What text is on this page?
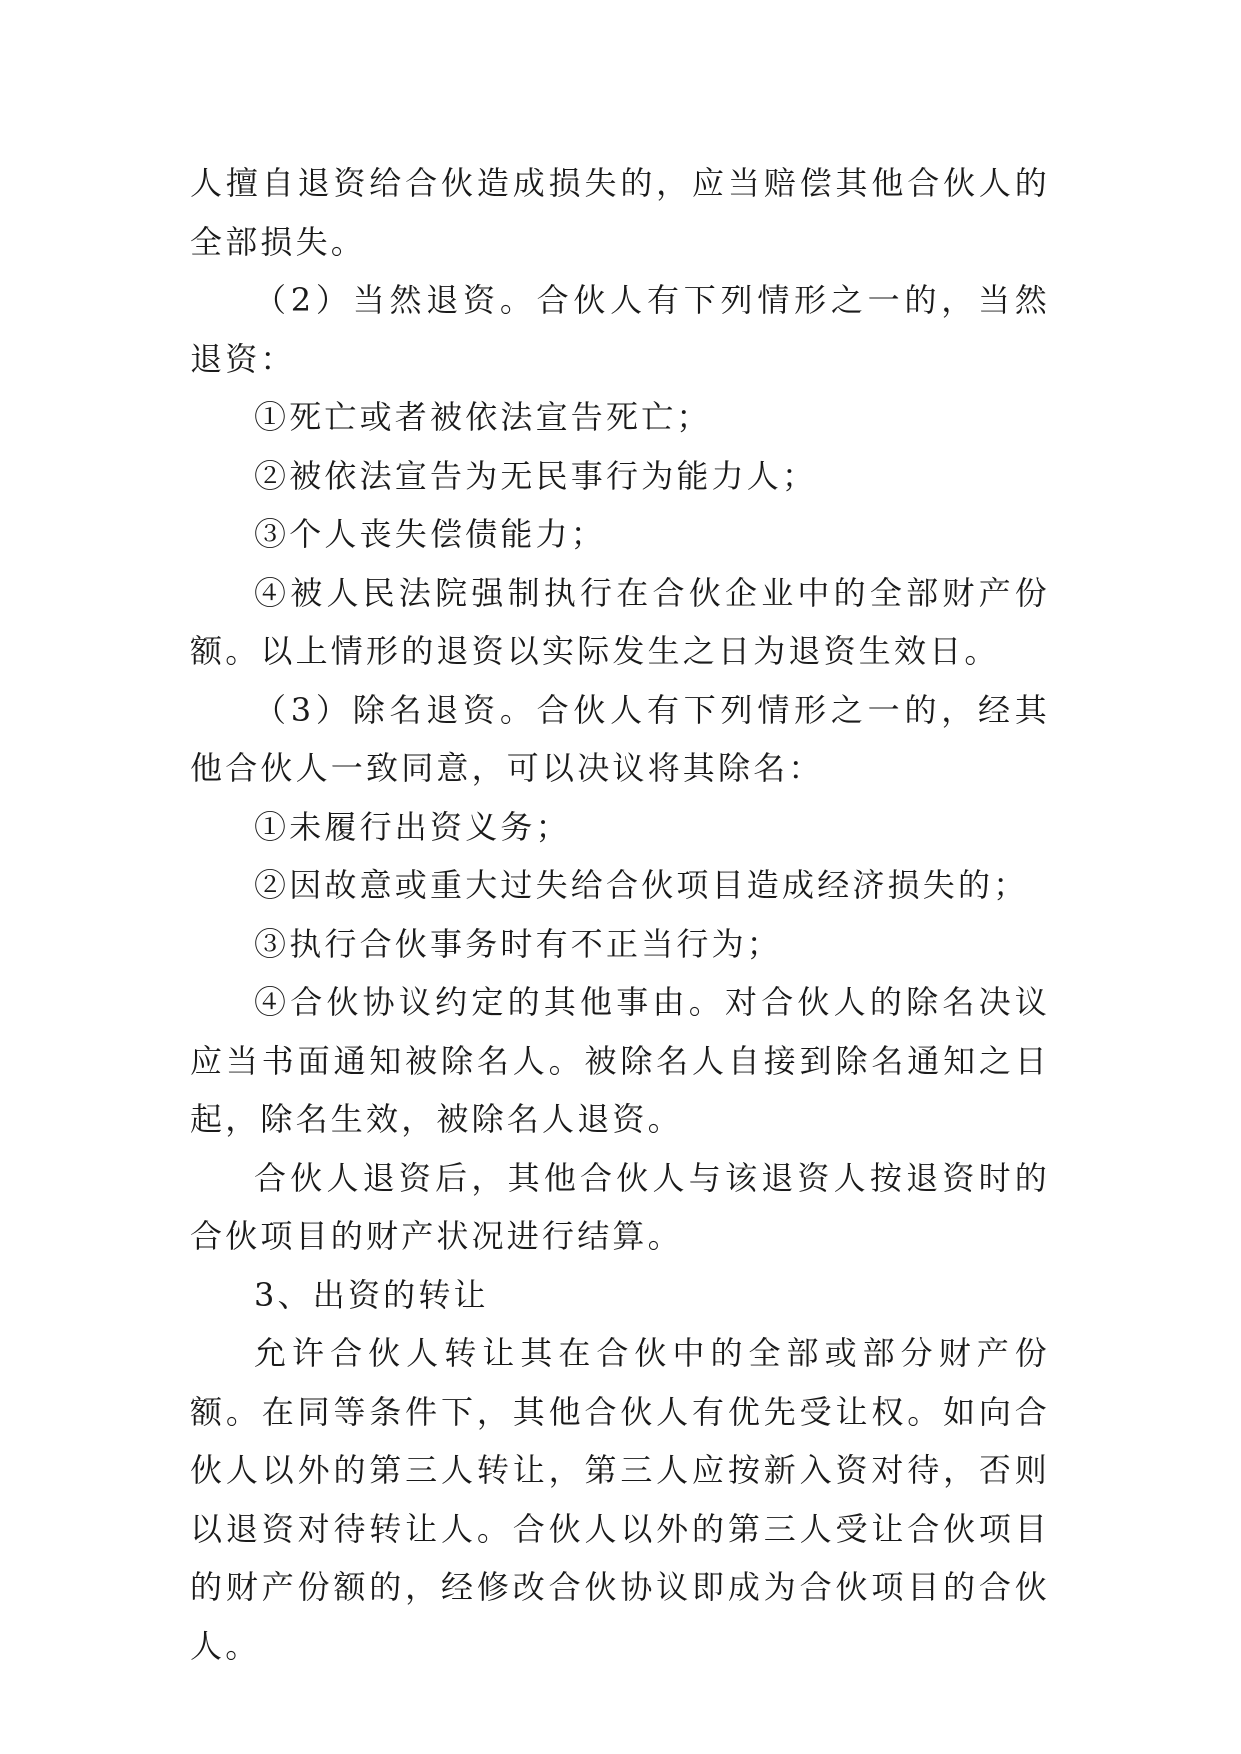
人擅自退资给合伙造成损失的，应当赔偿其他合伙人的全部损失。

（2）当然退资。合伙人有下列情形之一的，当然退资：

①死亡或者被依法宣告死亡；

②被依法宣告为无民事行为能力人；

③个人丧失偿债能力；

④被人民法院强制执行在合伙企业中的全部财产份额。以上情形的退资以实际发生之日为退资生效日。

（3）除名退资。合伙人有下列情形之一的，经其他合伙人一致同意，可以决议将其除名：

①未履行出资义务；

②因故意或重大过失给合伙项目造成经济损失的；

③执行合伙事务时有不正当行为；

④合伙协议约定的其他事由。对合伙人的除名决议应当书面通知被除名人。被除名人自接到除名通知之日起，除名生效，被除名人退资。

合伙人退资后，其他合伙人与该退资人按退资时的合伙项目的财产状况进行结算。

3、出资的转让

允许合伙人转让其在合伙中的全部或部分财产份额。在同等条件下，其他合伙人有优先受让权。如向合伙人以外的第三人转让，第三人应按新入资对待，否则以退资对待转让人。合伙人以外的第三人受让合伙项目的财产份额的，经修改合伙协议即成为合伙项目的合伙人。
